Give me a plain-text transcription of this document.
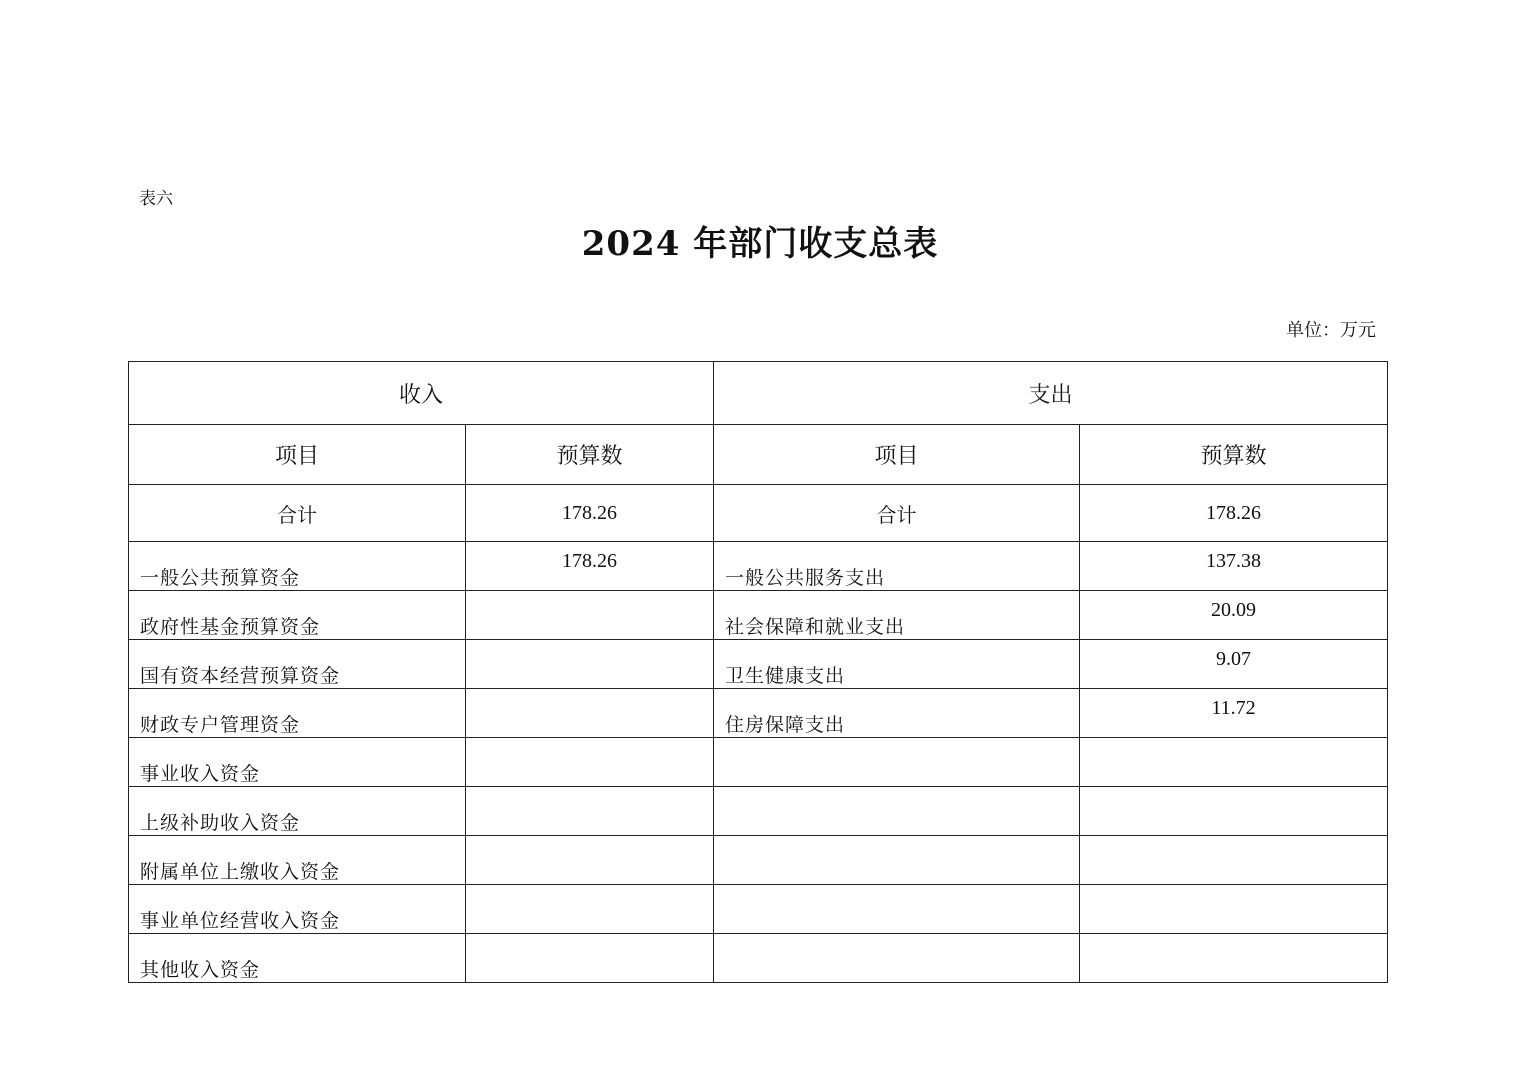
表六
2024 年部门收支总表
单位：万元
收入		支出	
项目	预算数	项目	预算数
合计	178.26	合计	178.26
一般公共预算资金	178.26	一般公共服务支出	137.38
政府性基金预算资金		社会保障和就业支出	20.09
国有资本经营预算资金		卫生健康支出	9.07
财政专户管理资金		住房保障支出	11.72
事业收入资金			
上级补助收入资金			
附属单位上缴收入资金			
事业单位经营收入资金			
其他收入资金			
